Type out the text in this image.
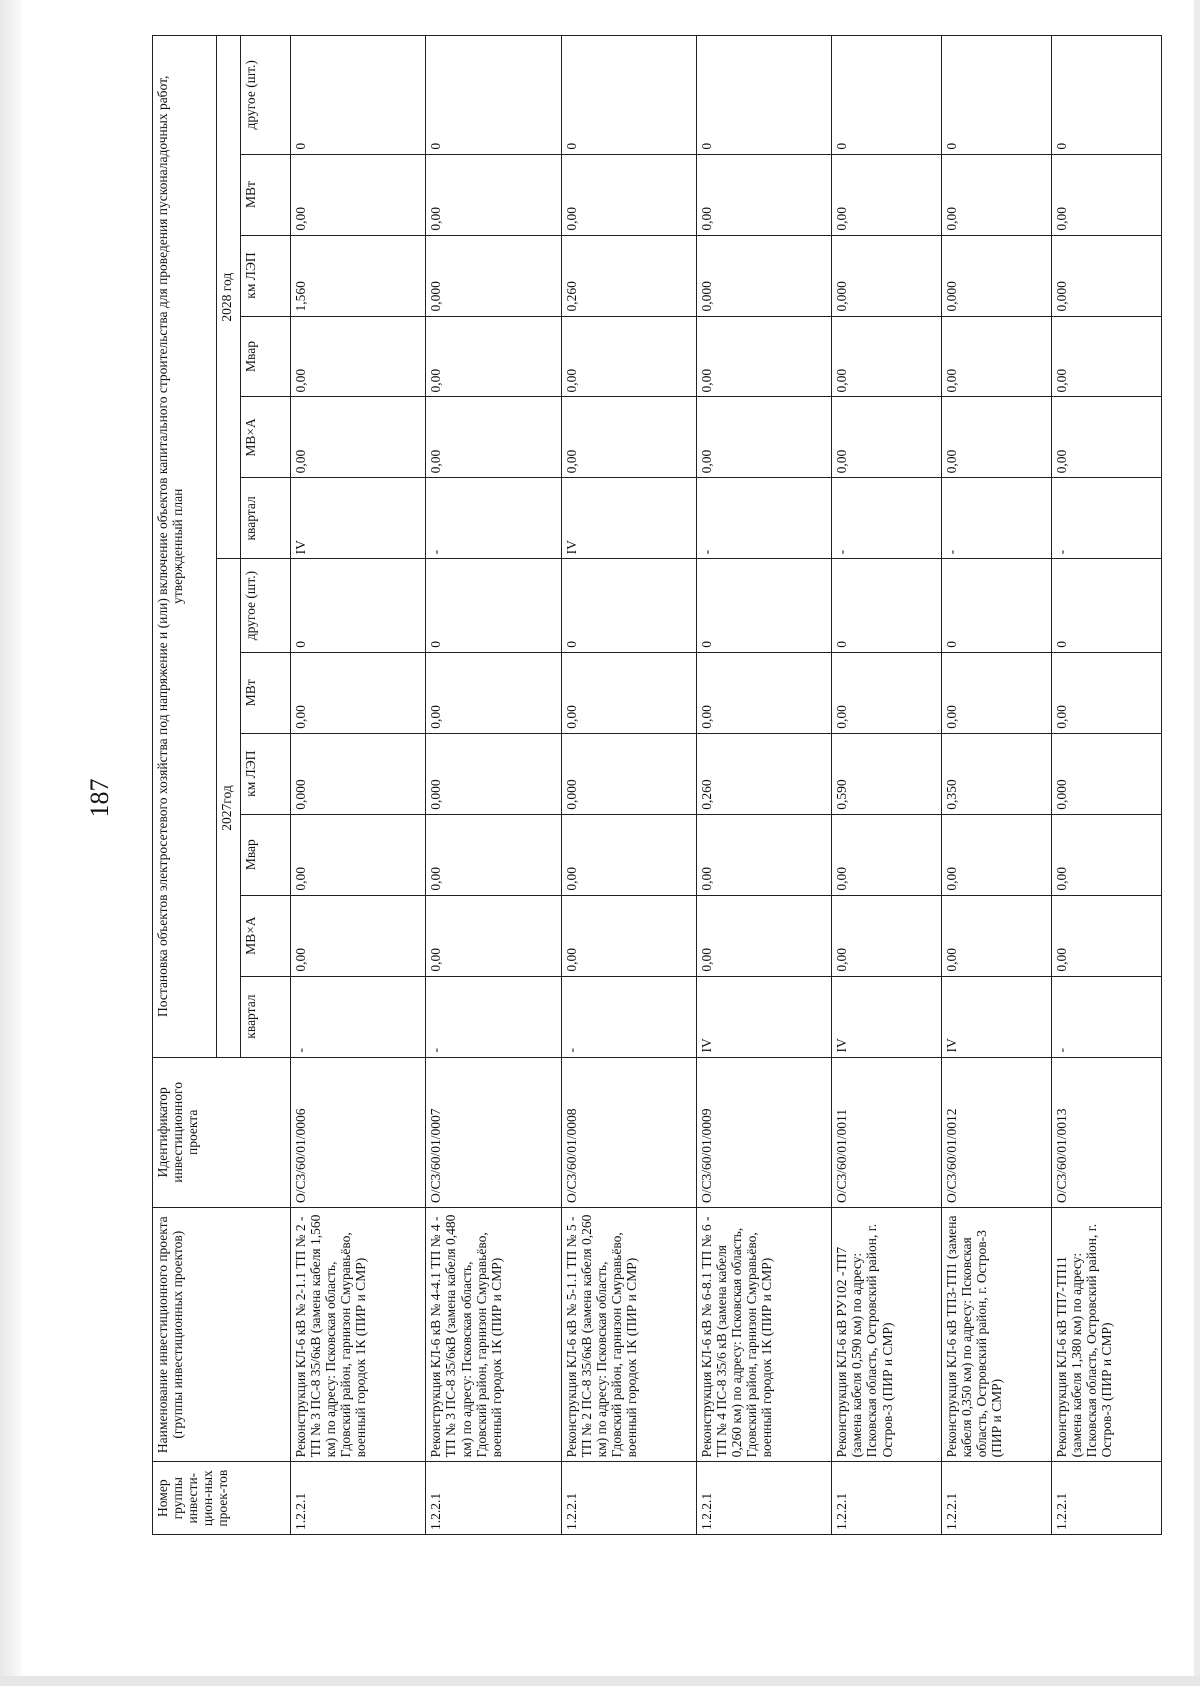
187
Номер группы инвести-цион-ных проек-тов	Наименование инвестиционного проекта (группы инвестиционных проектов)	Идентификатор инвестиционного проекта	Постановка объектов электросетевого хозяйства под напряжение и (или) включение объектов капитального строительства для проведения пусконаладочных работ, утвержденный план											
			2027год						2028 год					
			квартал	МВ×А	Мвар	км ЛЭП	МВт	другое (шт.)	квартал	МВ×А	Мвар	км ЛЭП	МВт	другое (шт.)
1.2.2.1	Реконструкция КЛ-6 кВ № 2-1.1 ТП № 2 - ТП № 3 ПС-8 35/6кВ (замена кабеля 1,560 км) по адресу: Псковская область, Гдовский район, гарнизон Смуравьёво, военный городок 1К (ПИР и СМР)	О/С3/60/01/0006	-	0,00	0,00	0,000	0,00	0	IV	0,00	0,00	1,560	0,00	0
1.2.2.1	Реконструкция КЛ-6 кВ № 4-4.1 ТП № 4 - ТП № 3 ПС-8 35/6кВ (замена кабеля 0,480 км) по адресу: Псковская область, Гдовский район, гарнизон Смуравьёво, военный городок 1К (ПИР и СМР)	О/С3/60/01/0007	-	0,00	0,00	0,000	0,00	0	-	0,00	0,00	0,000	0,00	0
1.2.2.1	Реконструкция КЛ-6 кВ № 5-1.1 ТП № 5 - ТП № 2 ПС-8 35/6кВ (замена кабеля 0,260 км) по адресу: Псковская область, Гдовский район, гарнизон Смуравьёво, военный городок 1К (ПИР и СМР)	О/С3/60/01/0008	-	0,00	0,00	0,000	0,00	0	IV	0,00	0,00	0,260	0,00	0
1.2.2.1	Реконструкция КЛ-6 кВ № 6-8.1 ТП № 6 - ТП № 4 ПС-8 35/6 кВ (замена кабеля 0,260 км) по адресу: Псковская область, Гдовский район, гарнизон Смуравьёво, военный городок 1К (ПИР и СМР)	О/С3/60/01/0009	IV	0,00	0,00	0,260	0,00	0	-	0,00	0,00	0,000	0,00	0
1.2.2.1	Реконструкция КЛ-6 кВ РУ102 -ТП7 (замена кабеля 0,590 км) по адресу: Псковская область, Островский район, г. Остров-3 (ПИР и СМР)	О/С3/60/01/0011	IV	0,00	0,00	0,590	0,00	0	-	0,00	0,00	0,000	0,00	0
1.2.2.1	Реконструкция КЛ-6 кВ ТП3-ТП1 (замена кабеля 0,350 км) по адресу: Псковская область, Островский район, г. Остров-3 (ПИР и СМР)	О/С3/60/01/0012	IV	0,00	0,00	0,350	0,00	0	-	0,00	0,00	0,000	0,00	0
1.2.2.1	Реконструкция КЛ-6 кВ ТП7-ТП11 (замена кабеля 1,380 км) по адресу: Псковская область, Островский район, г. Остров-3 (ПИР и СМР)	О/С3/60/01/0013	-	0,00	0,00	0,000	0,00	0	-	0,00	0,00	0,000	0,00	0
